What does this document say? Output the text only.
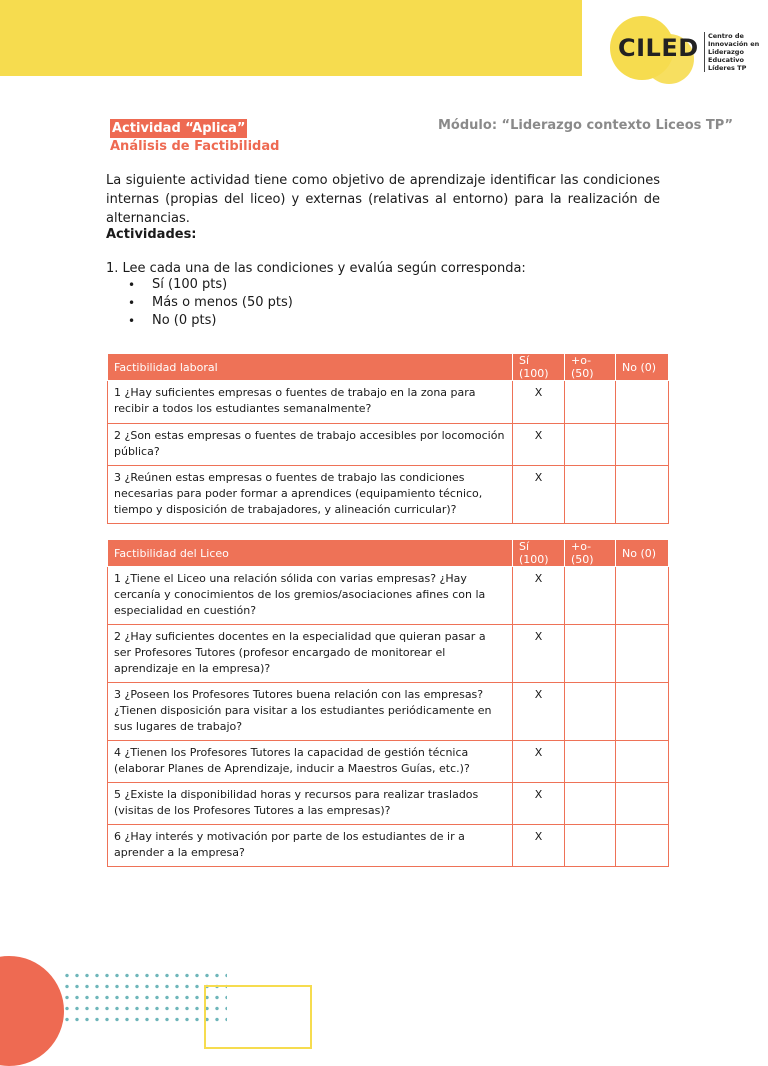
CILED Centro de Innovación en Liderazgo Educativo Líderes TP
Actividad “Aplica”
Análisis de Factibilidad
Módulo: “Liderazgo contexto Liceos TP”

La siguiente actividad tiene como objetivo de aprendizaje identificar las condiciones internas (propias del liceo) y externas (relativas al entorno) para la realización de alternancias.

Actividades:
1. Lee cada una de las condiciones y evalúa según corresponda:
• Sí (100 pts)
• Más o menos (50 pts)
• No (0 pts)
Factibilidad laboral	Sí (100)	+o- (50)	No (0)
1 ¿Hay suficientes empresas o fuentes de trabajo en la zona para recibir a todos los estudiantes semanalmente?	X		
2 ¿Son estas empresas o fuentes de trabajo accesibles por locomoción pública?	X		
3 ¿Reúnen estas empresas o fuentes de trabajo las condiciones necesarias para poder formar a aprendices (equipamiento técnico, tiempo y disposición de trabajadores, y alineación curricular)?	X		
Factibilidad del Liceo	Sí (100)	+o- (50)	No (0)
1 ¿Tiene el Liceo una relación sólida con varias empresas? ¿Hay cercanía y conocimientos de los gremios/asociaciones afines con la especialidad en cuestión?	X		
2 ¿Hay suficientes docentes en la especialidad que quieran pasar a ser Profesores Tutores (profesor encargado de monitorear el aprendizaje en la empresa)?	X		
3 ¿Poseen los Profesores Tutores buena relación con las empresas? ¿Tienen disposición para visitar a los estudiantes periódicamente en sus lugares de trabajo?	X		
4 ¿Tienen los Profesores Tutores la capacidad de gestión técnica (elaborar Planes de Aprendizaje, inducir a Maestros Guías, etc.)?	X		
5 ¿Existe la disponibilidad horas y recursos para realizar traslados (visitas de los Profesores Tutores a las empresas)?	X		
6 ¿Hay interés y motivación por parte de los estudiantes de ir a aprender a la empresa?	X		
